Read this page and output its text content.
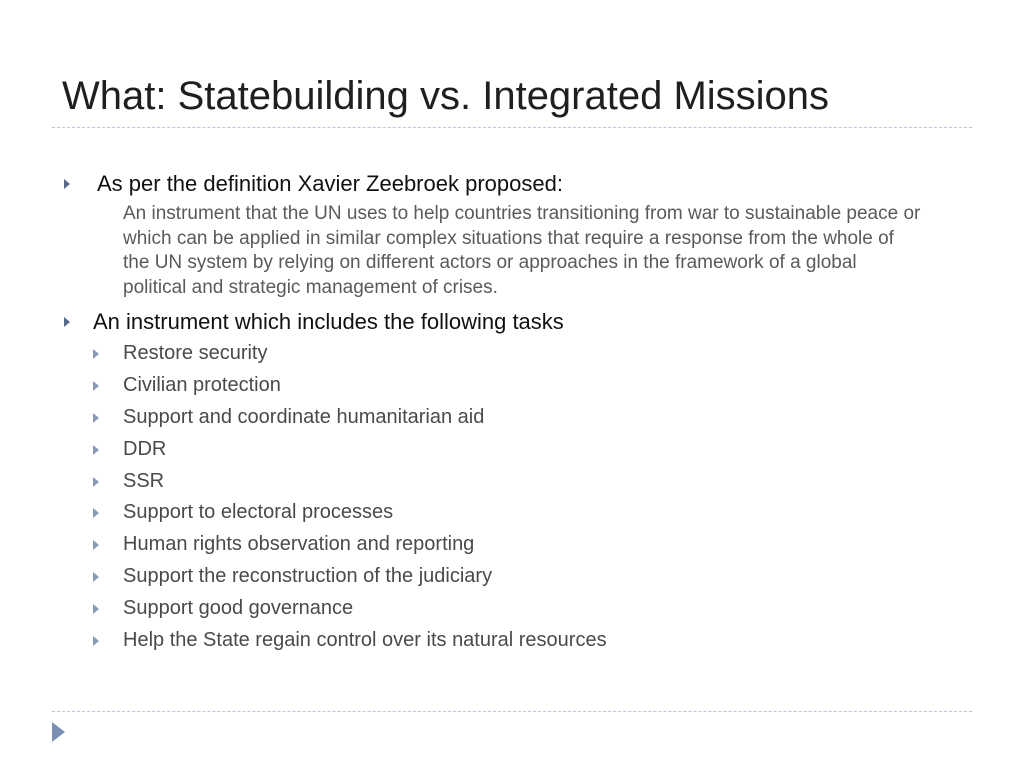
What: Statebuilding vs. Integrated Missions
As per the definition Xavier Zeebroek proposed:
An instrument that the UN uses to help countries transitioning from war to sustainable peace or which can be applied in similar complex situations that require a response from the whole of the UN system by relying on different actors or approaches in the framework of a global political and strategic management of crises.
An instrument which includes the following tasks
Restore security
Civilian protection
Support and coordinate humanitarian aid
DDR
SSR
Support to electoral processes
Human rights observation and reporting
Support the reconstruction of the judiciary
Support good governance
Help the State regain control over its natural resources
